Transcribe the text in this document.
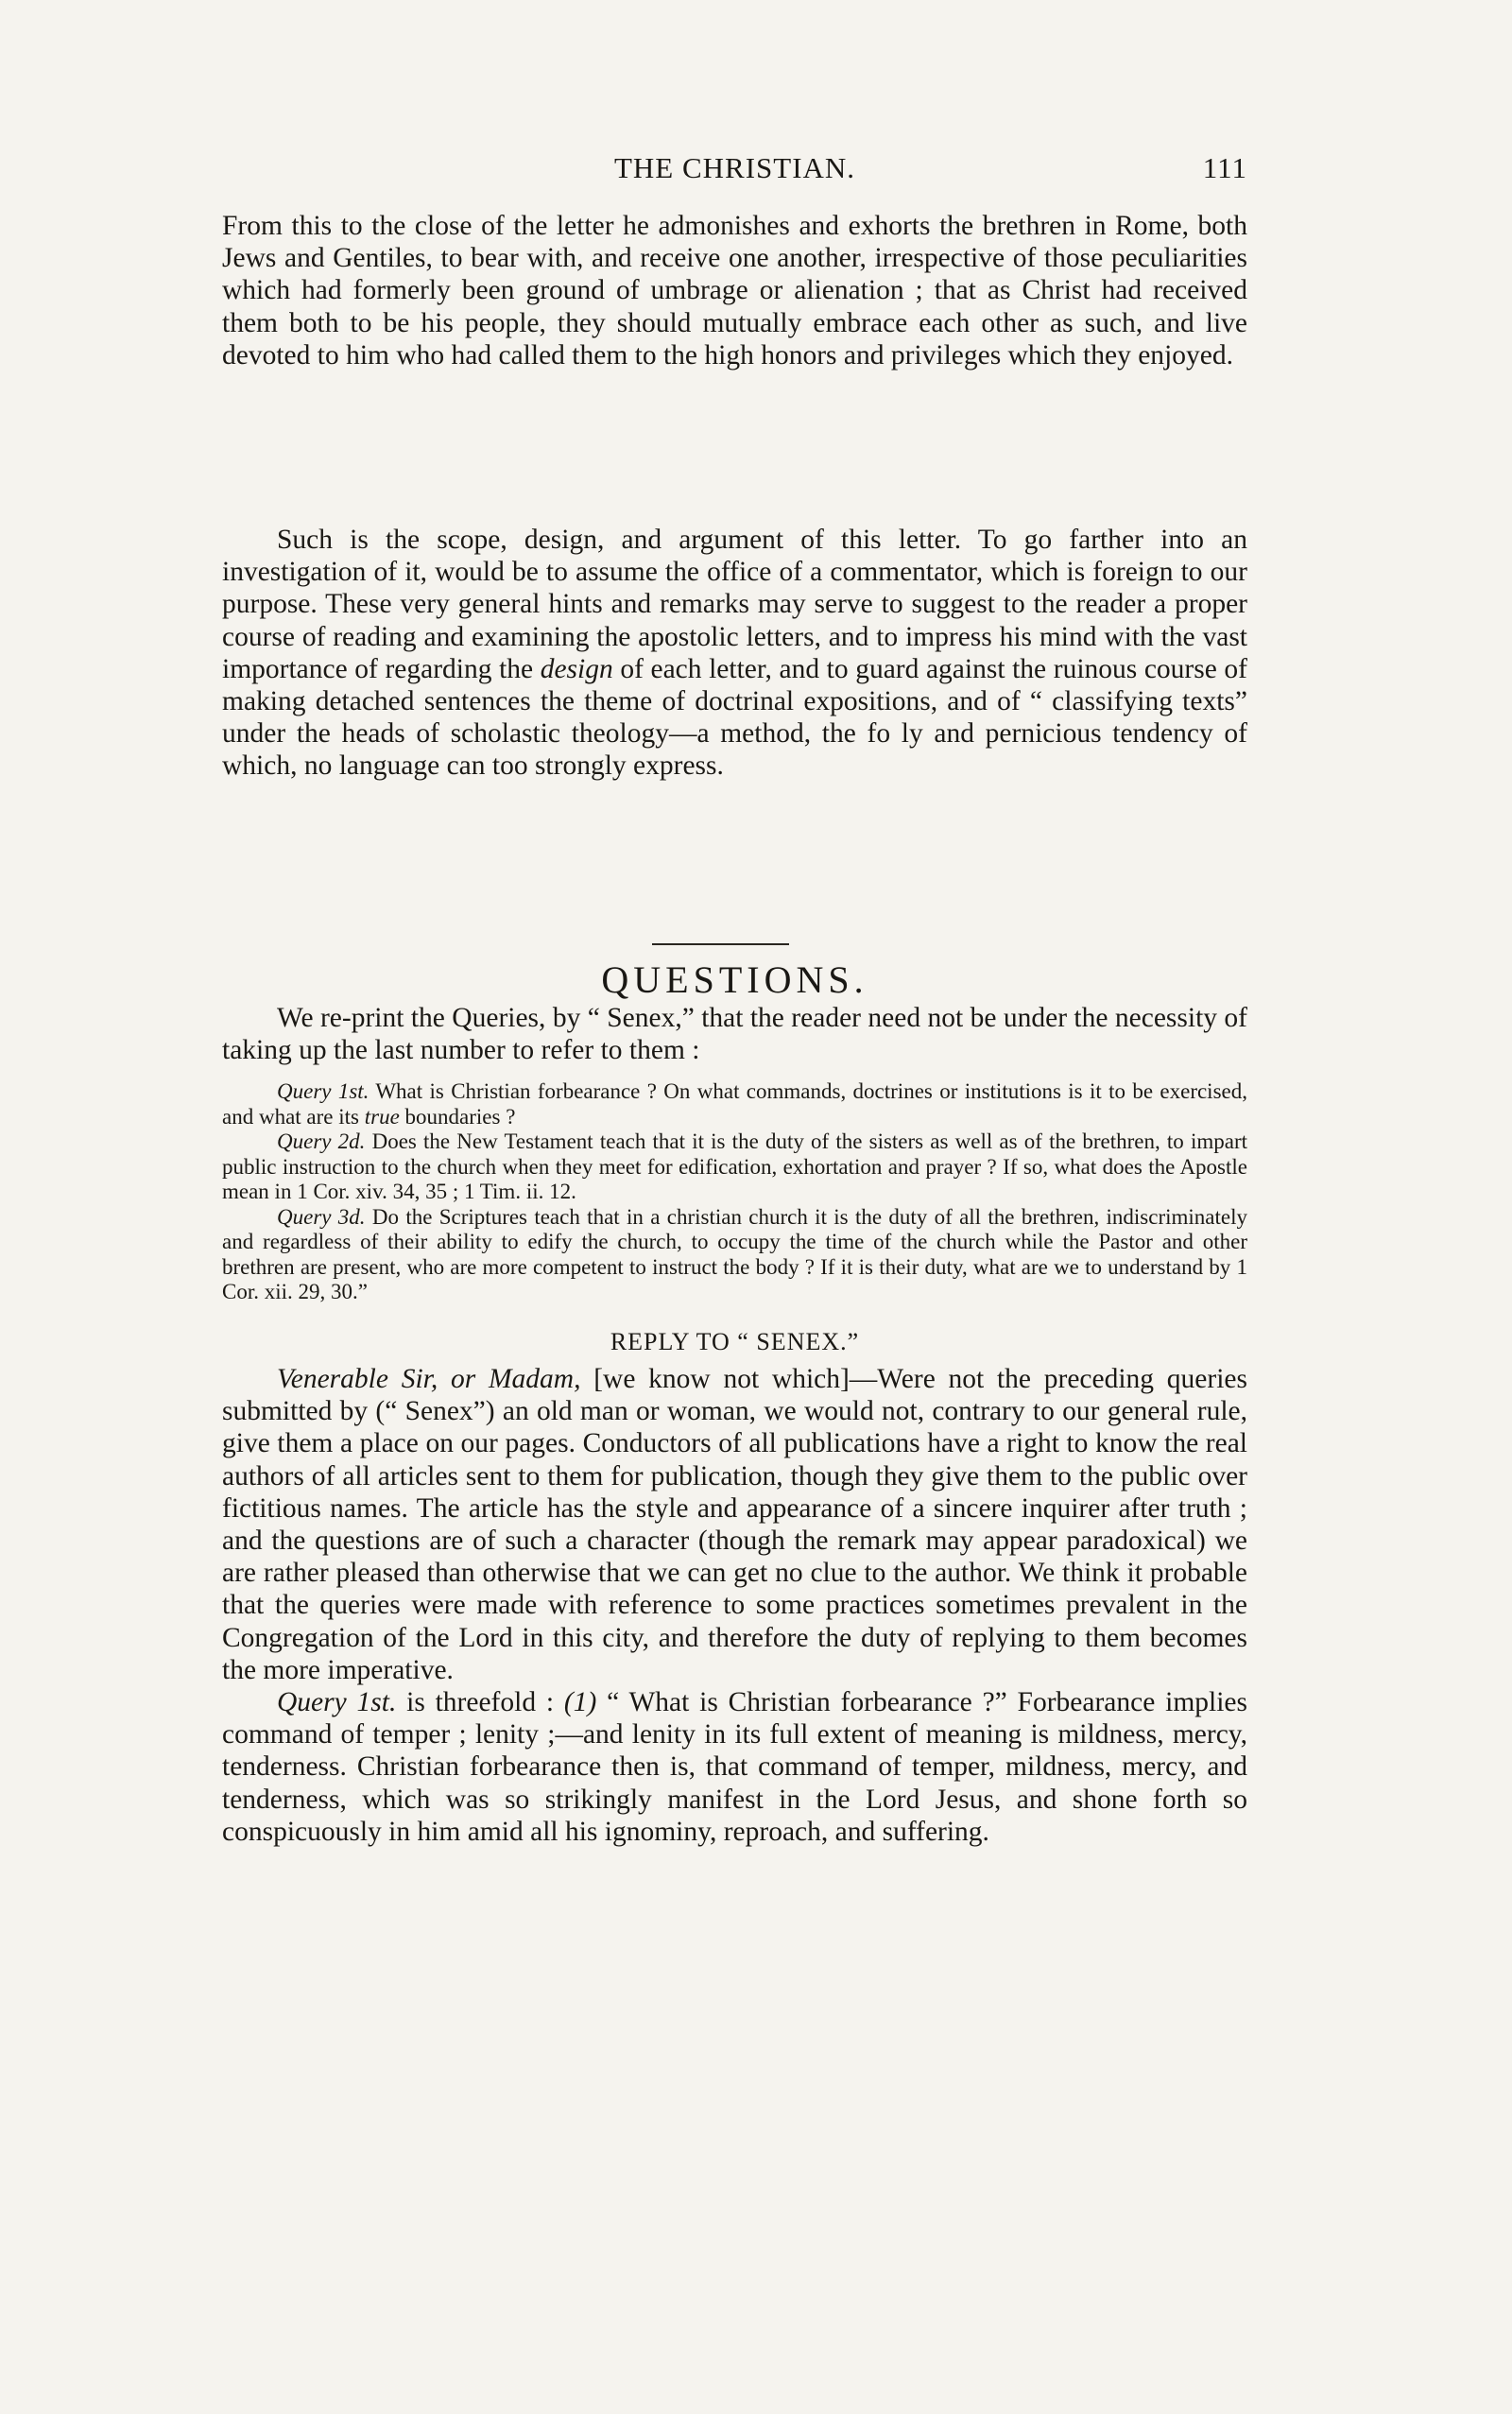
THE CHRISTIAN.	111

From this to the close of the letter he admonishes and exhorts the brethren in Rome, both Jews and Gentiles, to bear with, and receive one another, irrespective of those peculiarities which had formerly been ground of umbrage or alienation ; that as Christ had received them both to be his people, they should mutually embrace each other as such, and live devoted to him who had called them to the high honors and privileges which they enjoyed.

Such is the scope, design, and argument of this letter. To go farther into an investigation of it, would be to assume the office of a commentator, which is foreign to our purpose. These very general hints and remarks may serve to suggest to the reader a proper course of reading and examining the apostolic letters, and to impress his mind with the vast importance of regarding the design of each letter, and to guard against the ruinous course of making detached sentences the theme of doctrinal expositions, and of “ classifying texts” under the heads of scholastic theology—a method, the fo ly and pernicious tendency of which, no language can too strongly express.

QUESTIONS.

We re-print the Queries, by “ Senex,” that the reader need not be under the necessity of taking up the last number to refer to them :

Query 1st. What is Christian forbearance ? On what commands, doctrines or institutions is it to be exercised, and what are its true boundaries ?

Query 2d. Does the New Testament teach that it is the duty of the sisters as well as of the brethren, to impart public instruction to the church when they meet for edification, exhortation and prayer ? If so, what does the Apostle mean in 1 Cor. xiv. 34, 35 ; 1 Tim. ii. 12.

Query 3d. Do the Scriptures teach that in a christian church it is the duty of all the brethren, indiscriminately and regardless of their ability to edify the church, to occupy the time of the church while the Pastor and other brethren are present, who are more competent to instruct the body ? If it is their duty, what are we to understand by 1 Cor. xii. 29, 30.”

REPLY TO “ SENEX.”

Venerable Sir, or Madam, [we know not which]—Were not the preceding queries submitted by (“ Senex”) an old man or woman, we would not, contrary to our general rule, give them a place on our pages. Conductors of all publications have a right to know the real authors of all articles sent to them for publication, though they give them to the public over fictitious names. The article has the style and appearance of a sincere inquirer after truth ; and the questions are of such a character (though the remark may appear paradoxical) we are rather pleased than otherwise that we can get no clue to the author. We think it probable that the queries were made with reference to some practices sometimes prevalent in the Congregation of the Lord in this city, and therefore the duty of replying to them becomes the more imperative.

Query 1st. is threefold : (1) “ What is Christian forbearance ?” Forbearance implies command of temper ; lenity ;—and lenity in its full extent of meaning is mildness, mercy, tenderness. Christian forbearance then is, that command of temper, mildness, mercy, and tenderness, which was so strikingly manifest in the Lord Jesus, and shone forth so conspicuously in him amid all his ignominy, reproach, and suffering.
